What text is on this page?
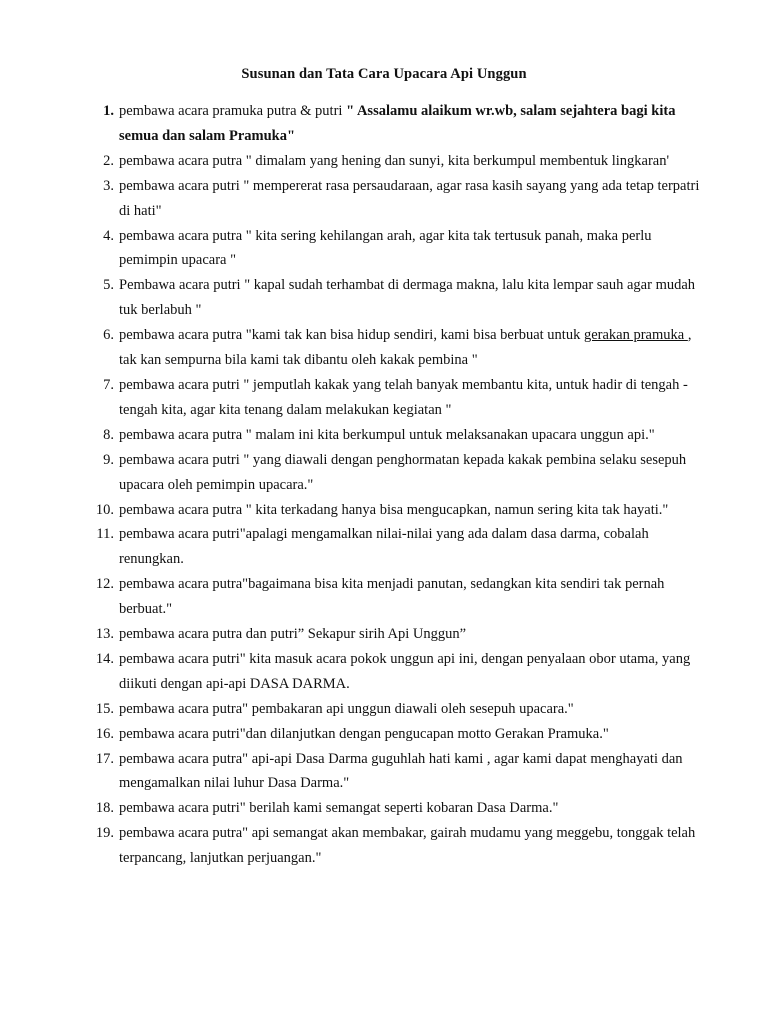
Susunan dan Tata Cara Upacara Api Unggun
1. pembawa acara pramuka putra & putri " Assalamu alaikum wr.wb, salam sejahtera bagi kita semua dan salam Pramuka"
2. pembawa acara putra " dimalam yang hening dan sunyi, kita berkumpul membentuk lingkaran'
3. pembawa acara putri " mempererat rasa persaudaraan, agar rasa kasih sayang yang ada tetap terpatri di hati"
4. pembawa acara putra " kita sering kehilangan arah, agar kita tak tertusuk panah, maka perlu pemimpin upacara "
5. Pembawa acara putri " kapal sudah terhambat di dermaga makna, lalu kita lempar sauh agar mudah tuk berlabuh "
6. pembawa acara putra "kami tak kan bisa hidup sendiri, kami bisa berbuat untuk gerakan pramuka , tak kan sempurna bila kami tak dibantu oleh kakak pembina "
7. pembawa acara putri " jemputlah kakak yang telah banyak membantu kita, untuk hadir di tengah - tengah kita, agar kita tenang dalam melakukan kegiatan "
8. pembawa acara putra " malam ini kita berkumpul untuk melaksanakan upacara unggun api."
9. pembawa acara putri " yang diawali dengan penghormatan kepada kakak pembina selaku sesepuh upacara oleh pemimpin upacara."
10. pembawa acara putra " kita terkadang hanya bisa mengucapkan, namun sering kita tak hayati."
11. pembawa acara putri"apalagi mengamalkan nilai-nilai yang ada dalam dasa darma, cobalah renungkan.
12. pembawa acara putra"bagaimana bisa kita menjadi panutan, sedangkan kita sendiri tak pernah berbuat."
13. pembawa acara putra dan putri” Sekapur sirih Api Unggun”
14. pembawa acara putri" kita masuk acara pokok unggun api ini, dengan penyalaan obor utama, yang diikuti dengan api-api DASA DARMA.
15. pembawa acara putra" pembakaran api unggun diawali oleh sesepuh upacara."
16. pembawa acara putri"dan dilanjutkan dengan pengucapan motto Gerakan Pramuka."
17. pembawa acara putra" api-api Dasa Darma guguhlah hati kami , agar kami dapat menghayati dan mengamalkan nilai luhur Dasa Darma."
18. pembawa acara putri" berilah kami semangat seperti kobaran Dasa Darma."
19. pembawa acara putra" api semangat akan membakar, gairah mudamu yang meggebu, tonggak telah terpancang, lanjutkan perjuangan."
